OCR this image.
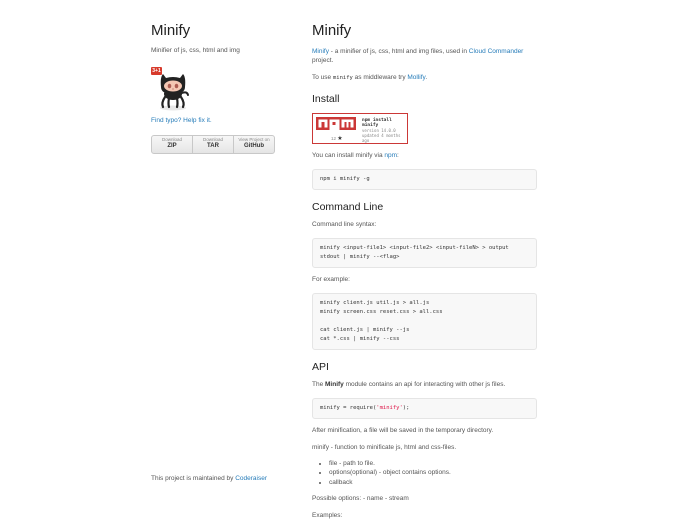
Minify

Minifier of js, css, html and img

3+1
Find typo? Help fix it.
Download
ZIP
Download
TAR
View Project on
GitHub
This project is maintained by Coderaiser
Minify

Minify - a minifier of js, css, html and img files, used in Cloud Commander project.

To use minify as middleware try Mollify.

Install
npm install minify
version 14.0.0
updated 4 months ago
12 ★

You can install minify via npm:

npm i minify -g
Command Line

Command line syntax:

minify <input-file1> <input-file2> <input-fileN> > output
stdout | minify --<flag>

For example:

minify client.js util.js > all.js
minify screen.css reset.css > all.css
cat client.js | minify --js
cat *.css | minify --css
API

The Minify module contains an api for interacting with other js files.

minify = require('minify');

After minification, a file will be saved in the temporary directory.

minify - function to minificate js, html and css-files.

• file - path to file.
• options(optional) - object contains options.
• callback

Possible options: - name - stream

Examples:
